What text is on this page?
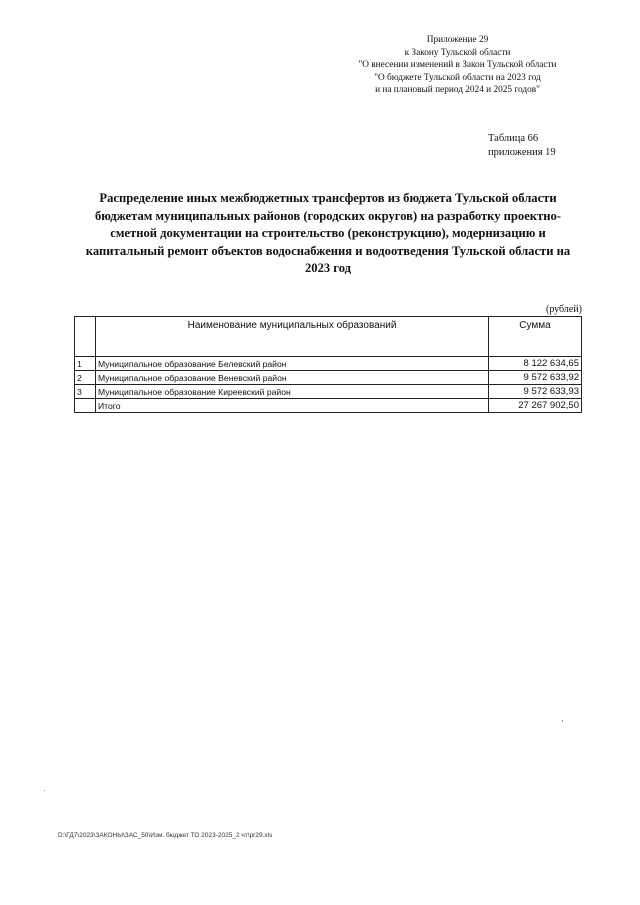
Приложение 29
к Закону Тульской области
"О внесении изменений в Закон Тульской области
"О бюджете Тульской области на 2023 год
и на плановый период 2024 и 2025 годов"
Таблица 66
приложения 19
Распределение иных межбюджетных трансфертов из бюджета Тульской области
бюджетам муниципальных районов (городских округов) на разработку проектно-
сметной документации на строительство (реконструкцию), модернизацию и
капитальный ремонт объектов водоснабжения и водоотведения Тульской области на
2023 год
(рублей)
	Наименование муниципальных образований	Сумма
1	Муниципальное образование Белевский район	8 122 634,65
2	Муниципальное образование Веневский район	9 572 633,92
3	Муниципальное образование Киреевский район	9 572 633,93
	Итого	27 267 902,50
D:\ГД7\2023\ЗАКОНЫ\ЗАС_50\Изм. бюджет ТО 2023-2025_2 чт\pr29.xls
